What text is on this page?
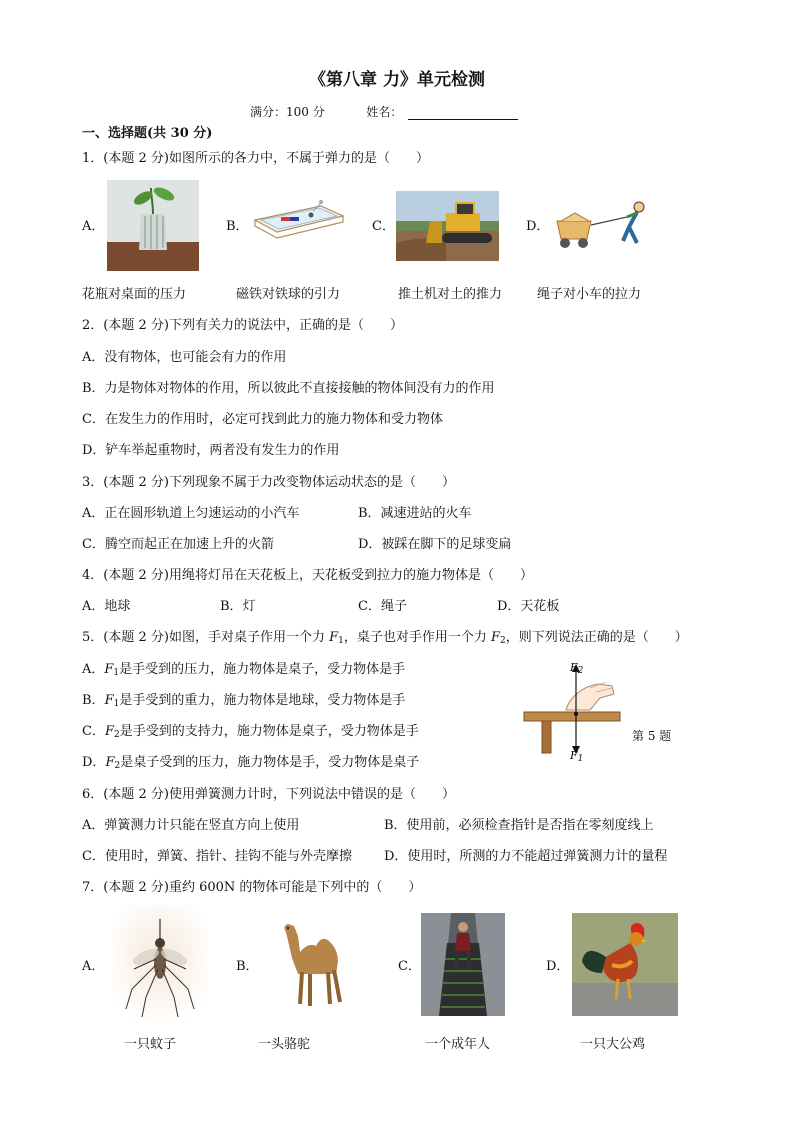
《第八章 力》单元检测
满分：100 分	姓名：
一、选择题(共 30 分)
1．(本题 2 分)如图所示的各力中，不属于弹力的是（　　）
A．	B．	C．	D．
花瓶对桌面的压力	磁铁对铁球的引力	推土机对土的推力	绳子对小车的拉力
2．(本题 2 分)下列有关力的说法中，正确的是（　　）
A．没有物体，也可能会有力的作用
B．力是物体对物体的作用，所以彼此不直接接触的物体间没有力的作用
C．在发生力的作用时，必定可找到此力的施力物体和受力物体
D．铲车举起重物时，两者没有发生力的作用
3．(本题 2 分)下列现象不属于力改变物体运动状态的是（　　）
A．正在圆形轨道上匀速运动的小汽车	B．减速进站的火车
C．腾空而起正在加速上升的火箭	D．被踩在脚下的足球变扁
4．(本题 2 分)用绳将灯吊在天花板上，天花板受到拉力的施力物体是（　　）
A．地球	B．灯	C．绳子	D．天花板
5．(本题 2 分)如图，手对桌子作用一个力 $F_1$，桌子也对手作用一个力 $F_2$，则下列说法正确的是（　　）
A．$F_1$是手受到的压力，施力物体是桌子，受力物体是手
B．$F_1$是手受到的重力，施力物体是地球，受力物体是手
C．$F_2$是手受到的支持力，施力物体是桌子，受力物体是手
D．$F_2$是桌子受到的压力，施力物体是手，受力物体是桌子
$F_2$
$F_1$
第 5 题
6．(本题 2 分)使用弹簧测力计时，下列说法中错误的是（　　）
A．弹簧测力计只能在竖直方向上使用	B．使用前，必须检查指针是否指在零刻度线上
C．使用时，弹簧、指针、挂钩不能与外壳摩擦 D．使用时，所测的力不能超过弹簧测力计的量程
7．(本题 2 分)重约 600N 的物体可能是下列中的（　　）
A．	B．	C．	D．
一只蚊子	一头骆驼	一个成年人	一只大公鸡
